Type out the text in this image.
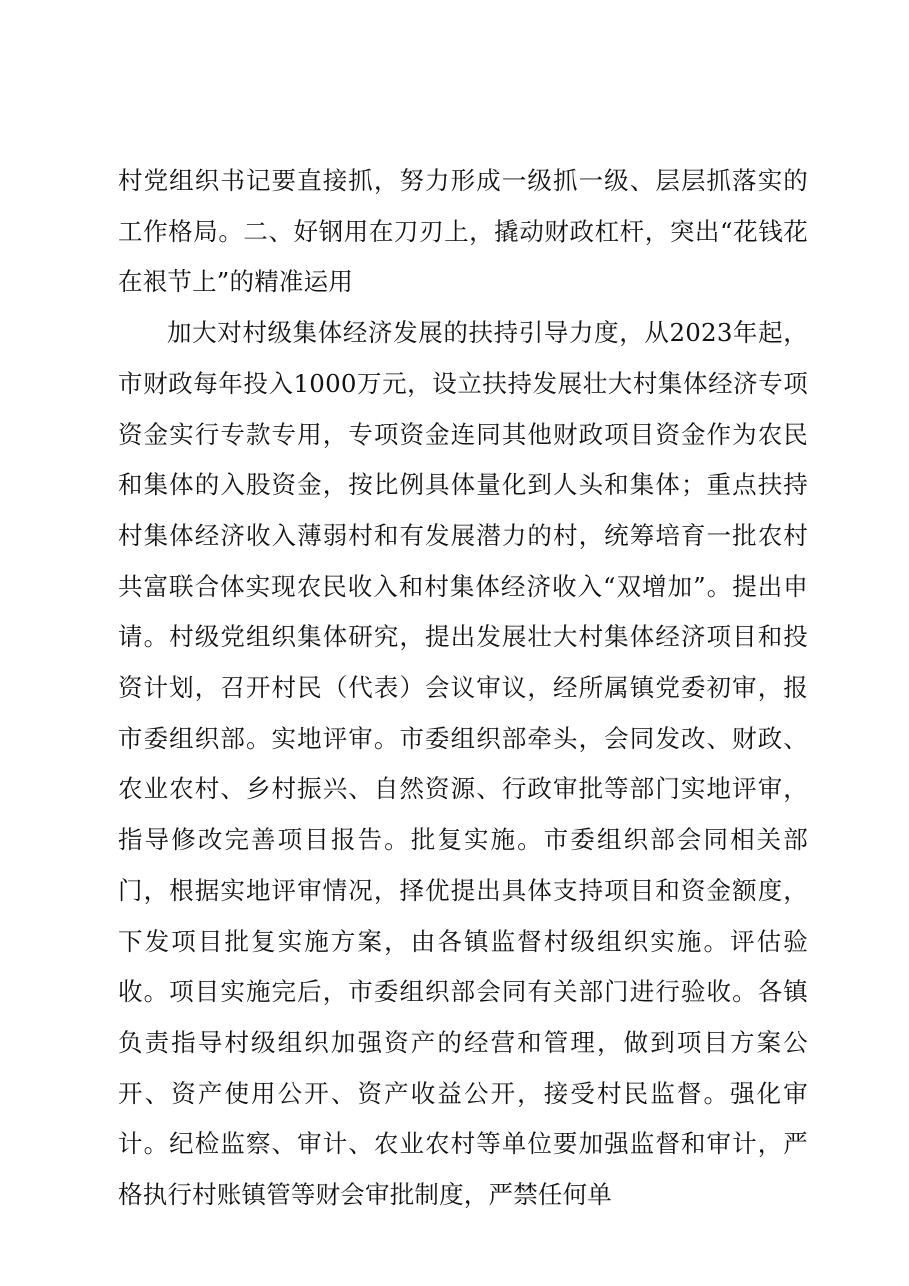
村党组织书记要直接抓，努力形成一级抓一级、层层抓落实的工作格局。二、好钢用在刀刃上，撬动财政杠杆，突出“花钱花在裉节上”的精准运用

加大对村级集体经济发展的扶持引导力度，从2023年起，市财政每年投入1000万元，设立扶持发展壮大村集体经济专项资金实行专款专用，专项资金连同其他财政项目资金作为农民和集体的入股资金，按比例具体量化到人头和集体；重点扶持村集体经济收入薄弱村和有发展潜力的村，统筹培育一批农村共富联合体实现农民收入和村集体经济收入“双增加”。提出申请。村级党组织集体研究，提出发展壮大村集体经济项目和投资计划，召开村民（代表）会议审议，经所属镇党委初审，报市委组织部。实地评审。市委组织部牵头，会同发改、财政、农业农村、乡村振兴、自然资源、行政审批等部门实地评审，指导修改完善项目报告。批复实施。市委组织部会同相关部门，根据实地评审情况，择优提出具体支持项目和资金额度，下发项目批复实施方案，由各镇监督村级组织实施。评估验收。项目实施完后，市委组织部会同有关部门进行验收。各镇负责指导村级组织加强资产的经营和管理，做到项目方案公开、资产使用公开、资产收益公开，接受村民监督。强化审计。纪检监察、审计、农业农村等单位要加强监督和审计，严格执行村账镇管等财会审批制度，严禁任何单
